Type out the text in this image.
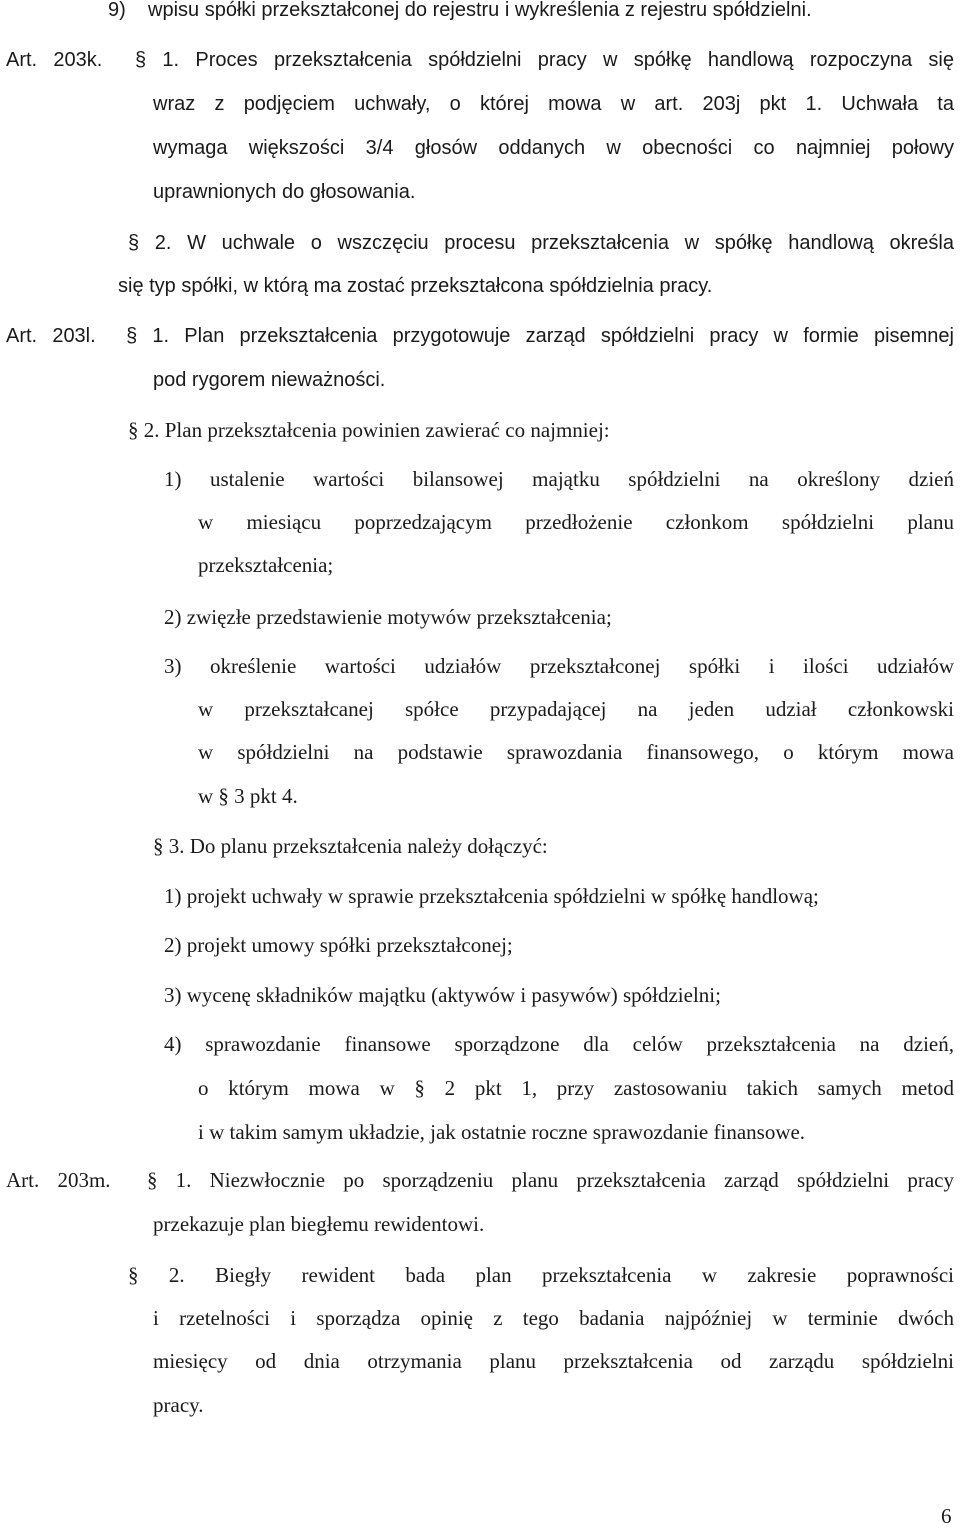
9)    wpisu spółki przekształconej do rejestru i wykreślenia z rejestru spółdzielni.
Art. 203k.  § 1. Proces przekształcenia spółdzielni pracy w spółkę handlową rozpoczyna się
wraz z podjęciem uchwały, o której mowa w art. 203j pkt 1. Uchwała ta
wymaga większości 3/4 głosów oddanych w obecności co najmniej połowy
uprawnionych do głosowania.
§ 2. W uchwale o wszczęciu procesu przekształcenia w spółkę handlową określa
się typ spółki, w którą ma zostać przekształcona spółdzielnia pracy.
Art. 203l.  § 1. Plan przekształcenia przygotowuje zarząd spółdzielni pracy w formie pisemnej
pod rygorem nieważności.
§ 2. Plan przekształcenia powinien zawierać co najmniej:
1) ustalenie wartości bilansowej majątku spółdzielni na określony dzień
w miesiącu poprzedzającym przedłożenie członkom spółdzielni planu
przekształcenia;
2) zwięzłe przedstawienie motywów przekształcenia;
3) określenie wartości udziałów przekształconej spółki i ilości udziałów
w przekształcanej spółce przypadającej na jeden udział członkowski
w spółdzielni na podstawie sprawozdania finansowego, o którym mowa
w § 3 pkt 4.
§ 3. Do planu przekształcenia należy dołączyć:
1) projekt uchwały w sprawie przekształcenia spółdzielni w spółkę handlową;
2) projekt umowy spółki przekształconej;
3) wycenę składników majątku (aktywów i pasywów) spółdzielni;
4) sprawozdanie finansowe sporządzone dla celów przekształcenia na dzień,
o którym mowa w § 2 pkt 1, przy zastosowaniu takich samych metod
i w takim samym układzie, jak ostatnie roczne sprawozdanie finansowe.
Art. 203m.  § 1. Niezwłocznie po sporządzeniu planu przekształcenia zarząd spółdzielni pracy
przekazuje plan biegłemu rewidentowi.
§ 2. Biegły rewident bada plan przekształcenia w zakresie poprawności
i rzetelności i sporządza opinię z tego badania najpóźniej w terminie dwóch
miesięcy od dnia otrzymania planu przekształcenia od zarządu spółdzielni
pracy.
6
